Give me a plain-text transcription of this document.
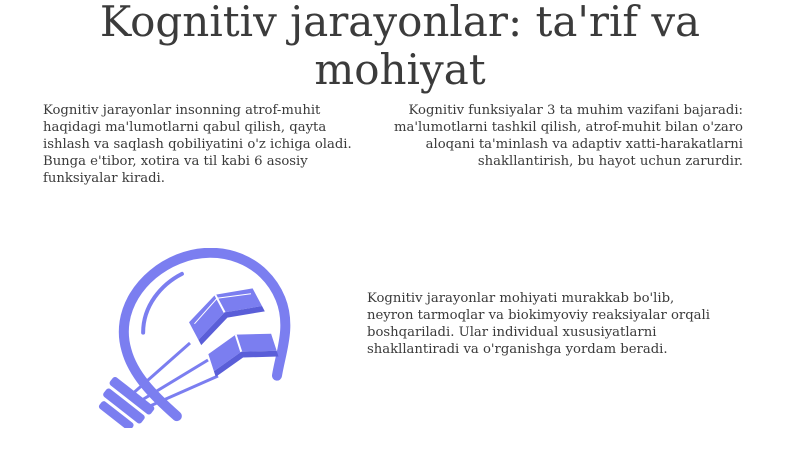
Kognitiv jarayonlar: ta'rif va mohiyat

Kognitiv jarayonlar insonning atrof-muhit haqidagi ma'lumotlarni qabul qilish, qayta ishlash va saqlash qobiliyatini o'z ichiga oladi. Bunga e'tibor, xotira va til kabi 6 asosiy funksiyalar kiradi.

Kognitiv funksiyalar 3 ta muhim vazifani bajaradi: ma'lumotlarni tashkil qilish, atrof-muhit bilan o'zaro aloqani ta'minlash va adaptiv xatti-harakatlarni shakllantirish, bu hayot uchun zarurdir.

Kognitiv jarayonlar mohiyati murakkab bo'lib, neyron tarmoqlar va biokimyoviy reaksiyalar orqali boshqariladi. Ular individual xususiyatlarni shakllantiradi va o'rganishga yordam beradi.
